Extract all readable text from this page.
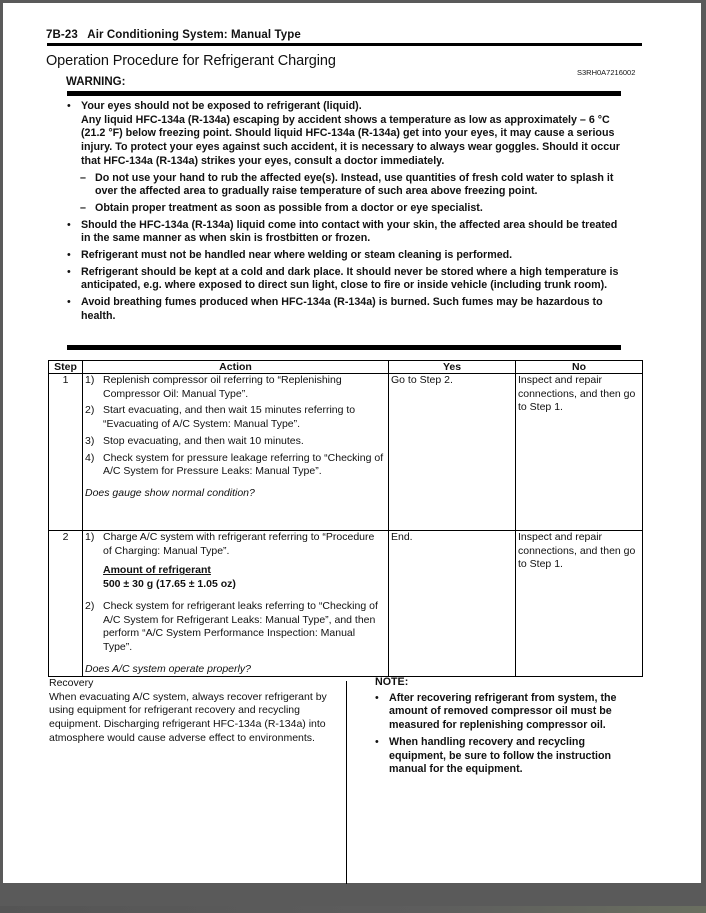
7B-23 Air Conditioning System: Manual Type
Operation Procedure for Refrigerant Charging
S3RH0A7216002
WARNING:
• Your eyes should not be exposed to refrigerant (liquid).
Any liquid HFC-134a (R-134a) escaping by accident shows a temperature as low as approximately – 6 °C (21.2 °F) below freezing point. Should liquid HFC-134a (R-134a) get into your eyes, it may cause a serious injury. To protect your eyes against such accident, it is necessary to always wear goggles. Should it occur that HFC-134a (R-134a) strikes your eyes, consult a doctor immediately.
– Do not use your hand to rub the affected eye(s). Instead, use quantities of fresh cold water to splash it over the affected area to gradually raise temperature of such area above freezing point.
– Obtain proper treatment as soon as possible from a doctor or eye specialist.
• Should the HFC-134a (R-134a) liquid come into contact with your skin, the affected area should be treated in the same manner as when skin is frostbitten or frozen.
• Refrigerant must not be handled near where welding or steam cleaning is performed.
• Refrigerant should be kept at a cold and dark place. It should never be stored where a high temperature is anticipated, e.g. where exposed to direct sun light, close to fire or inside vehicle (including trunk room).
• Avoid breathing fumes produced when HFC-134a (R-134a) is burned. Such fumes may be hazardous to health.
Step	Action	Yes	No
1	1) Replenish compressor oil referring to “Replenishing Compressor Oil: Manual Type”.
2) Start evacuating, and then wait 15 minutes referring to “Evacuating of A/C System: Manual Type”.
3) Stop evacuating, and then wait 10 minutes.
4) Check system for pressure leakage referring to “Checking of A/C System for Pressure Leaks: Manual Type”.
Does gauge show normal condition?
	Go to Step 2.	Inspect and repair connections, and then go to Step 1.
2	1) Charge A/C system with refrigerant referring to “Procedure of Charging: Manual Type”.
Amount of refrigerant
500 ± 30 g (17.65 ± 1.05 oz)
2) Check system for refrigerant leaks referring to “Checking of A/C System for Refrigerant Leaks: Manual Type”, and then perform “A/C System Performance Inspection: Manual Type”.
Does A/C system operate properly?
	End.	Inspect and repair connections, and then go to Step 1.
Recovery
When evacuating A/C system, always recover refrigerant by using equipment for refrigerant recovery and recycling equipment. Discharging refrigerant HFC-134a (R-134a) into atmosphere would cause adverse effect to environments.
NOTE:
• After recovering refrigerant from system, the amount of removed compressor oil must be measured for replenishing compressor oil.
• When handling recovery and recycling equipment, be sure to follow the instruction manual for the equipment.
